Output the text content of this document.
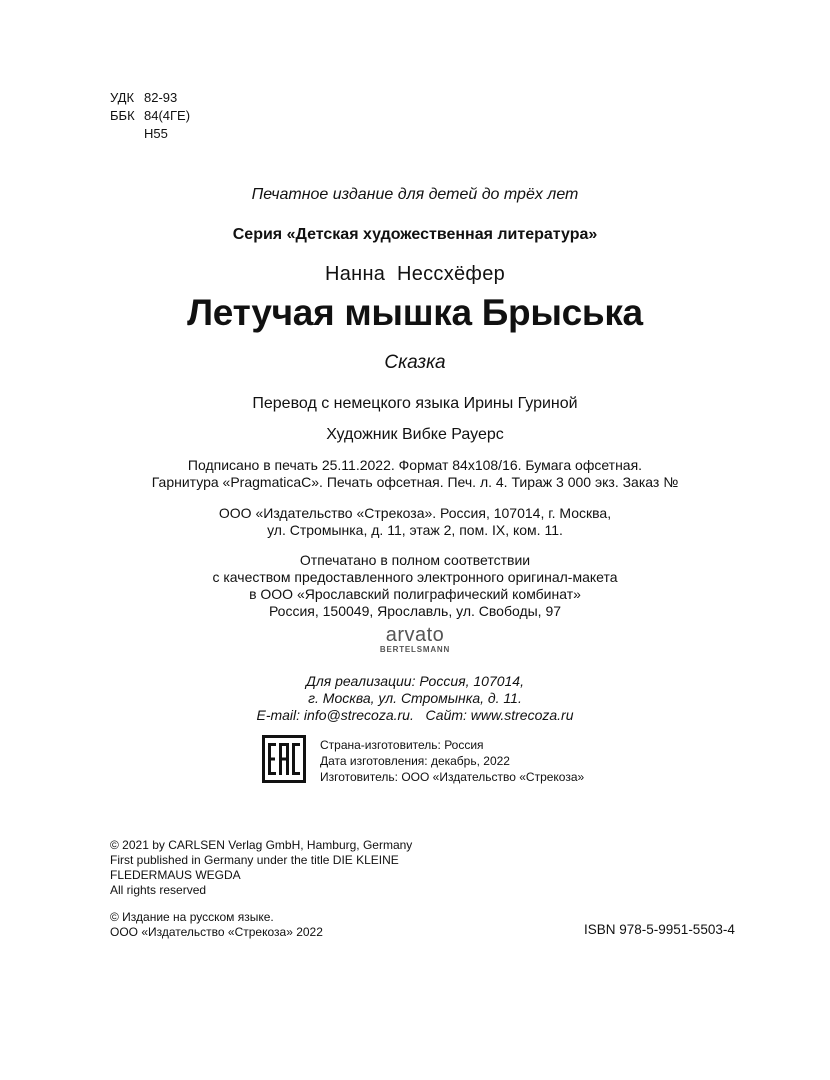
УДК 82-93
ББК 84(4ГЕ)
Н55
Печатное издание для детей до трёх лет
Серия «Детская художественная литература»
Нанна  Нессхёфер
Летучая мышка Брыська
Сказка
Перевод с немецкого языка Ирины Гуриной
Художник Вибке Рауерс
Подписано в печать 25.11.2022. Формат 84х108/16. Бумага офсетная.
Гарнитура «PragmaticaC». Печать офсетная. Печ. л. 4. Тираж 3 000 экз. Заказ №
ООО «Издательство «Стрекоза». Россия, 107014, г. Москва,
ул. Стромынка, д. 11, этаж 2, пом. IX, ком. 11.
Отпечатано в полном соответствии
с качеством предоставленного электронного оригинал-макета
в ООО «Ярославский полиграфический комбинат»
Россия, 150049, Ярославль, ул. Свободы, 97
arvato
BERTELSMANN
Для реализации: Россия, 107014,
г. Москва, ул. Стромынка, д. 11.
E-mail: info@strecoza.ru.   Сайт: www.strecoza.ru
Страна-изготовитель: Россия
Дата изготовления: декабрь, 2022
Изготовитель: ООО «Издательство «Стрекоза»
© 2021 by CARLSEN Verlag GmbH, Hamburg, Germany
First published in Germany under the title DIE KLEINE
FLEDERMAUS WEGDA
All rights reserved
© Издание на русском языке.
ООО «Издательство «Стрекоза» 2022	ISBN 978-5-9951-5503-4
